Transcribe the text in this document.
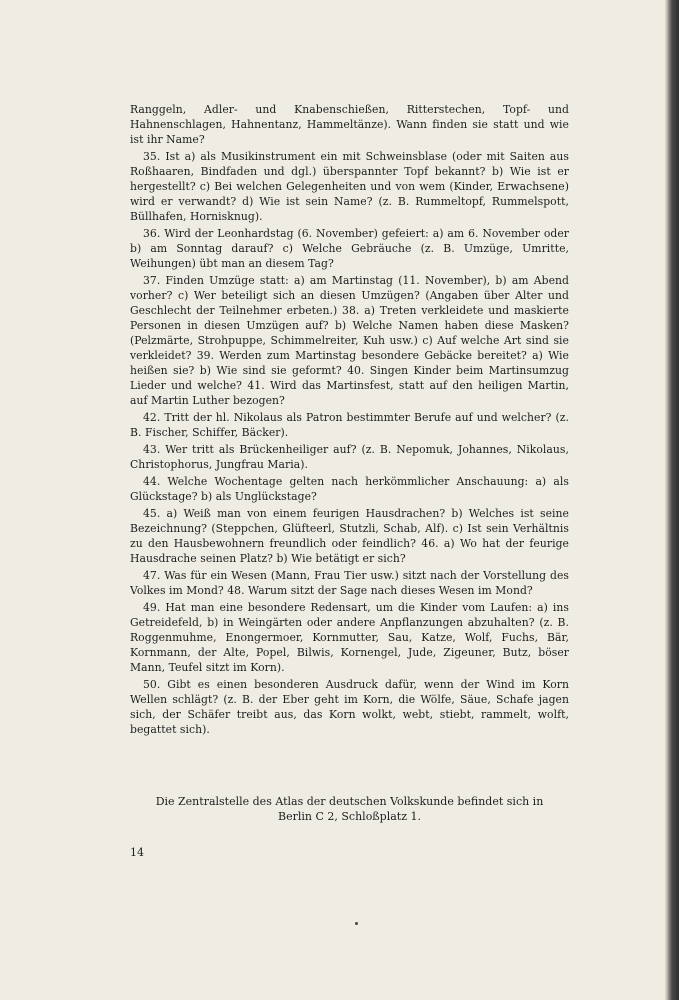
Ranggeln, Adler- und Knabenschießen, Ritterstechen, Topf- und Hahnenschlagen, Hahnentanz, Hammeltänze). Wann finden sie statt und wie ist ihr Name?

35. Ist a) als Musikinstrument ein mit Schweinsblase (oder mit Saiten aus Roßhaaren, Bindfaden und dgl.) überspannter Topf bekannt? b) Wie ist er hergestellt? c) Bei welchen Gelegenheiten und von wem (Kinder, Erwachsene) wird er verwandt? d) Wie ist sein Name? (z. B. Rummeltopf, Rummelspott, Büllhafen, Hornisknug).

36. Wird der Leonhardstag (6. November) gefeiert: a) am 6. November oder b) am Sonntag darauf? c) Welche Gebräuche (z. B. Umzüge, Umritte, Weihungen) übt man an diesem Tag?

37. Finden Umzüge statt: a) am Martinstag (11. November), b) am Abend vorher? c) Wer beteiligt sich an diesen Umzügen? (Angaben über Alter und Geschlecht der Teilnehmer erbeten.) 38. a) Treten verkleidete und maskierte Personen in diesen Umzügen auf? b) Welche Namen haben diese Masken? (Pelzmärte, Strohpuppe, Schimmelreiter, Kuh usw.) c) Auf welche Art sind sie verkleidet? 39. Werden zum Martinstag besondere Gebäcke bereitet? a) Wie heißen sie? b) Wie sind sie geformt? 40. Singen Kinder beim Martinsumzug Lieder und welche? 41. Wird das Martinsfest, statt auf den heiligen Martin, auf Martin Luther bezogen?

42. Tritt der hl. Nikolaus als Patron bestimmter Berufe auf und welcher? (z. B. Fischer, Schiffer, Bäcker).

43. Wer tritt als Brückenheiliger auf? (z. B. Nepomuk, Johannes, Nikolaus, Christophorus, Jungfrau Maria).

44. Welche Wochentage gelten nach herkömmlicher Anschauung: a) als Glückstage? b) als Unglückstage?

45. a) Weiß man von einem feurigen Hausdrachen? b) Welches ist seine Bezeichnung? (Steppchen, Glüfteerl, Stutzli, Schab, Alf). c) Ist sein Verhältnis zu den Hausbewohnern freundlich oder feindlich? 46. a) Wo hat der feurige Hausdrache seinen Platz? b) Wie betätigt er sich?

47. Was für ein Wesen (Mann, Frau Tier usw.) sitzt nach der Vorstellung des Volkes im Mond? 48. Warum sitzt der Sage nach dieses Wesen im Mond?

49. Hat man eine besondere Redensart, um die Kinder vom Laufen: a) ins Getreidefeld, b) in Weingärten oder andere Anpflanzungen abzuhalten? (z. B. Roggenmuhme, Enongermoer, Kornmutter, Sau, Katze, Wolf, Fuchs, Bär, Kornmann, der Alte, Popel, Bilwis, Kornengel, Jude, Zigeuner, Butz, böser Mann, Teufel sitzt im Korn).

50. Gibt es einen besonderen Ausdruck dafür, wenn der Wind im Korn Wellen schlägt? (z. B. der Eber geht im Korn, die Wölfe, Säue, Schafe jagen sich, der Schäfer treibt aus, das Korn wolkt, webt, stiebt, rammelt, wolft, begattet sich).

Die Zentralstelle des Atlas der deutschen Volkskunde befindet sich in
Berlin C 2, Schloßplatz 1.
14
